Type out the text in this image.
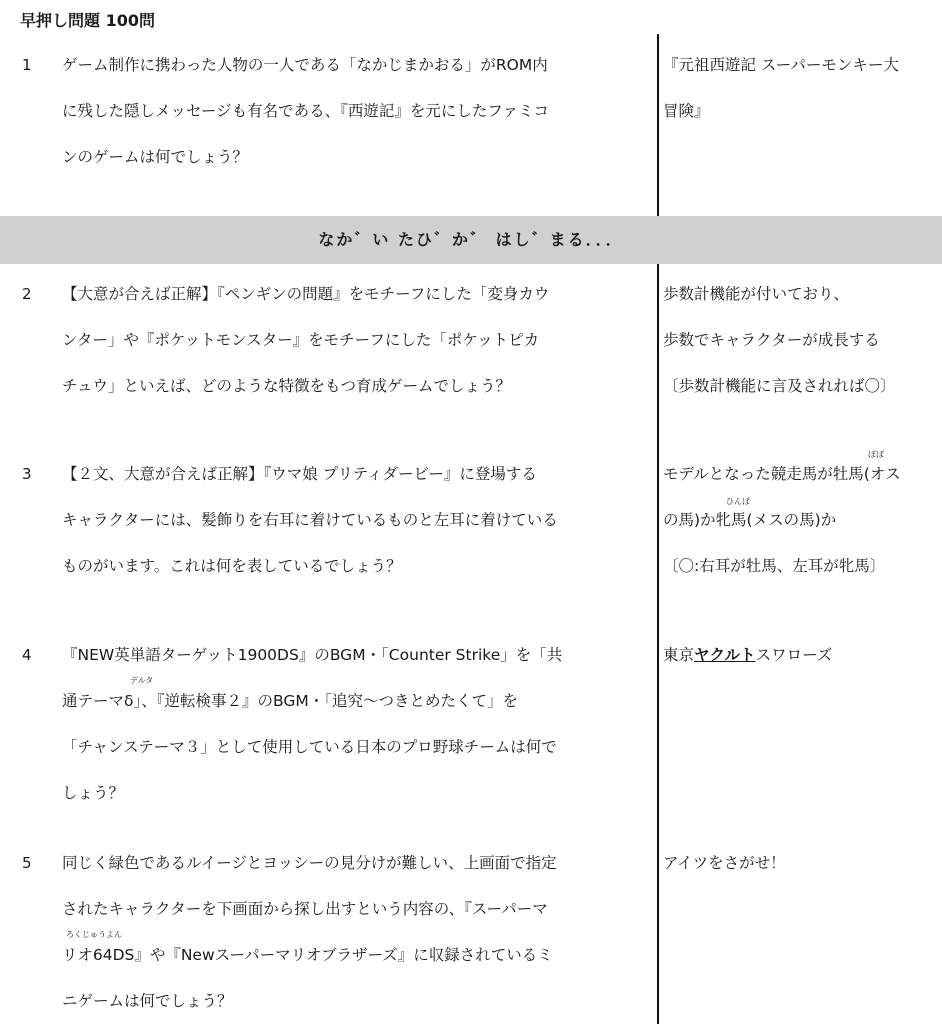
早押し問題 100問
1 ゲーム制作に携わった人物の一人である「なかじまかおる」がROM内
に残した隠しメッセージも有名である、『西遊記』を元にしたファミコ
ンのゲームは何でしょう？
『元祖西遊記 スーパーモンキー大
冒険』
なか゛い たひ゛か゛ はし゛まる．．．
2 【大意が合えば正解】『ペンギンの問題』をモチーフにした「変身カウ
ンター」や『ポケットモンスター』をモチーフにした「ポケットピカ
チュウ」といえば、どのような特徴をもつ育成ゲームでしょう？
歩数計機能が付いており、
歩数でキャラクターが成長する
〔歩数計機能に言及されれば〇〕
3 【２文、大意が合えば正解】『ウマ娘 プリティダービー』に登場する
キャラクターには、髪飾りを右耳に着けているものと左耳に着けている
ものがいます。これは何を表しているでしょう？
ぼば
ひんば
モデルとなった競走馬が牡馬(オス
の馬)か牝馬(メスの馬)か
〔〇:右耳が牡馬、左耳が牝馬〕
4
デルタ
『NEW英単語ターゲット1900DS』のBGM・「Counter Strike」を「共
通テーマδ」、『逆転検事２』のBGM・「追究〜つきとめたくて」を
「チャンステーマ３」として使用している日本のプロ野球チームは何で
しょう？
東京ヤクルトスワローズ
5
ろくじゅうよん
同じく緑色であるルイージとヨッシーの見分けが難しい、上画面で指定
されたキャラクターを下画面から探し出すという内容の、『スーパーマ
リオ64DS』や『Newスーパーマリオブラザーズ』に収録されているミ
ニゲームは何でしょう？
アイツをさがせ！
